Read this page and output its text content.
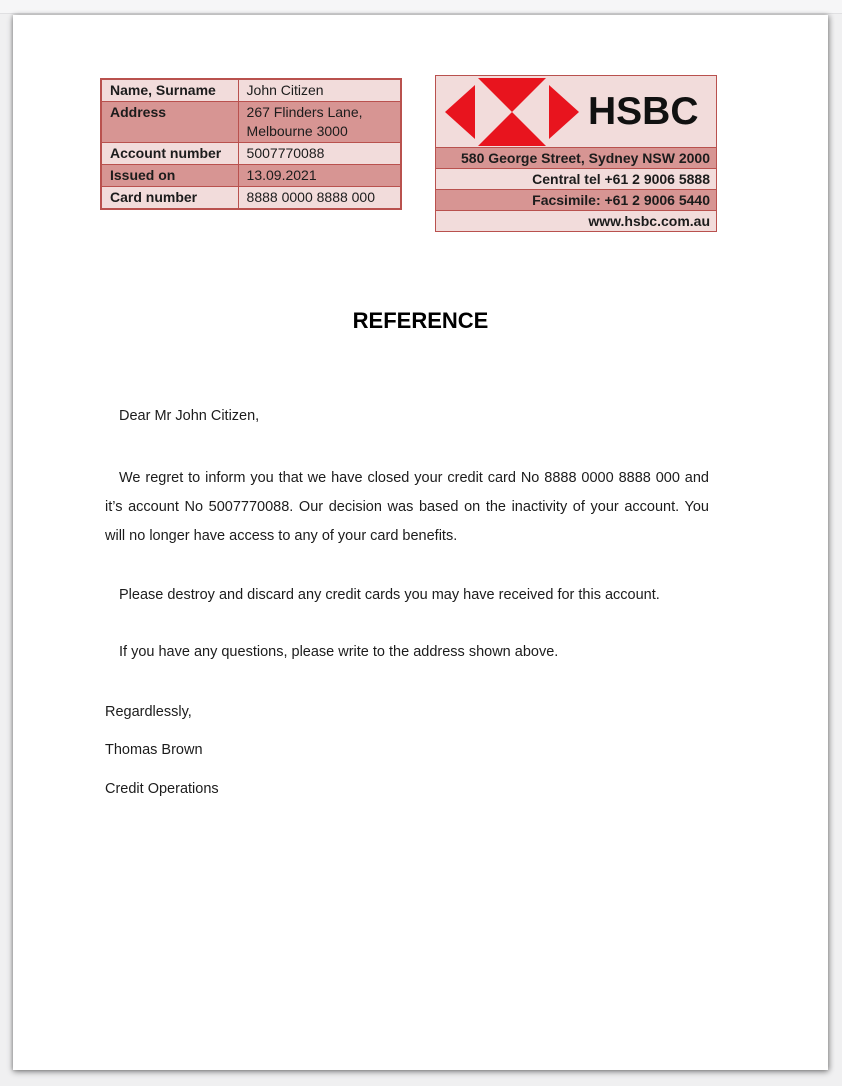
Name, Surname	John Citizen
Address	267 Flinders Lane,
Melbourne 3000

Account number	5007770088
Issued on	13.09.2021
Card number	8888 0000 8888 000
HSBC
580 George Street, Sydney NSW 2000
Central tel +61 2 9006 5888
Facsimile: +61 2 9006 5440
www.hsbc.com.au
REFERENCE
Dear Mr John Citizen,
We regret to inform you that we have closed your credit card No 8888 0000 8888 000 and it’s account No 5007770088. Our decision was based on the inactivity of your account. You will no longer have access to any of your card benefits.
Please destroy and discard any credit cards you may have received for this account.
If you have any questions, please write to the address shown above.
Regardlessly,
Thomas Brown
Credit Operations
